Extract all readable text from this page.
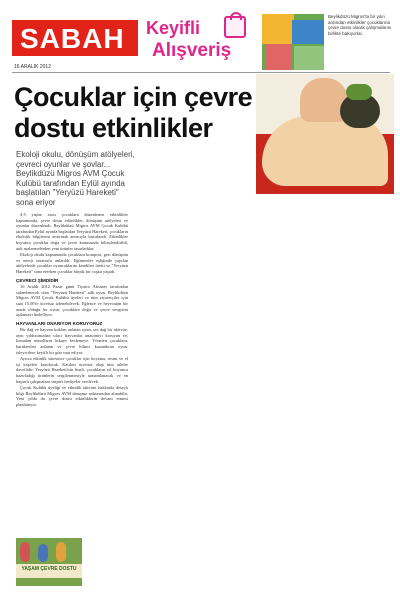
SABAH Keyifli
Alışveriş
16 ARALIK 2012
Beylikdüzü Migros'ta bir yılın ardından etkinlikler çocuklarına çevre dostu olarak çalışmalarını birlikte bakıyorlar.
Çocuklar için çevre dostu etkinlikler
Ekoloji okulu, dönüşüm atölyeleri, çevreci oyunlar ve şovlar... Beylikdüzü Migros AVM Çocuk Kulübü tarafından Eylül ayında başlatılan "Yeryüzü Hareketi" sona eriyor

4-5 yaşlar arası çocuklara düzenlenen etkinlikler kapsamında, çevre dostu etkinlikler, dönüşüm atölyeleri ve oyunlar düzenlendi. Beylikdüzü Migros AVM Çocuk Kulübü tarafından Eylül ayında başlatılan Yeryüzü Hareketi, çocukların ekolojik bilgilerini arttırmak amacıyla hazırlandı. Etkinlikler boyunca çocuklar doğa ve çevre konusunda bilinçlendirildi, atık malzemelerden yeni ürünler tasarladılar.

Ekoloji okulu kapsamında çocuklara kompost, geri dönüşüm ve enerji tasarrufu anlatıldı. Eğitmenler eşliğinde yapılan atölyelerde çocuklar oyuncaklarını kendileri üretti ve "Yeryüzü Hareketi" sona ererken çocuklar büyük bir coşku yaşadı.

ÇEVRECİ ŞİMDİDİR

16 Aralık 2012 Pazar günü Tiyatro Aksaray tarafından sahnelenecek olan "Yeryüzü Hareketi" adlı oyun, Beylikdüzü Migros AVM Çocuk Kulübü üyeleri ve tüm ziyaretçiler için saat 15.00'te ücretsiz izlenebilecek. Eğlence ve heyecanın bir arada olduğu bu oyun, çocuklara doğa ve çevre sevgisini aşılamayı hedefliyor.

HAYVANLARI ONARIYOR KORUYORUZ

Bir dağ ve hayvan kokları anlatan oyun, ses dağ bir aktivite, aynı yıldızımızdan ufacı hayvanlar anatomiyi koruyan ve, konudan masalların hikaye beslemeye. Yöneten çocuklara, karakterleri anlatan ve çevre bilinci kazandıran oyun, izleyicilere keyifli bir gün vaat ediyor.

Ayrıca etkinlik süresince çocuklar için boyama, resim ve el işi köşeleri kurulacak. Katılım ücretsiz olup tüm aileler davetlidir. Yeryüzü Hareketi'nin finali, çocukların yıl boyunca hazırladığı ürünlerin sergilenmesiyle tamamlanacak ve en başarılı çalışmalara sürpriz hediyeler verilecek.

Çocuk Kulübü üyeliği ve etkinlik takvimi hakkında detaylı bilgi Beylikdüzü Migros AVM danışma noktasından alınabilir. Yeni yılda da çevre dostu etkinliklerin devam etmesi planlanıyor.

YAŞAM ÇEVRE DOSTU
